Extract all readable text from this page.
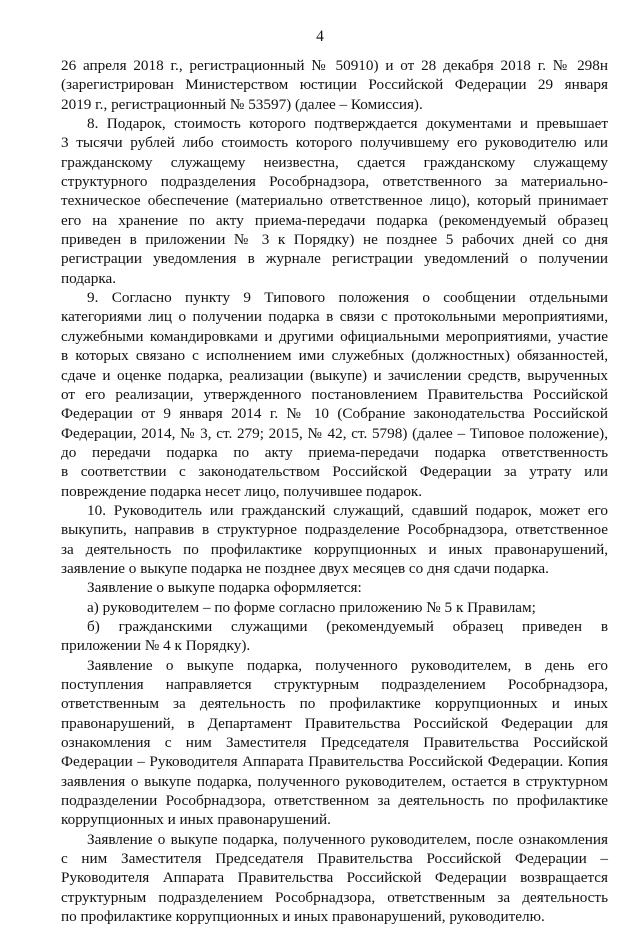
4
26 апреля 2018 г., регистрационный № 50910) и от 28 декабря 2018 г. № 298н
(зарегистрирован Министерством юстиции Российской Федерации 29 января
2019 г., регистрационный № 53597) (далее – Комиссия).
8. Подарок, стоимость которого подтверждается документами и превышает
3 тысячи рублей либо стоимость которого получившему его руководителю или
гражданскому служащему неизвестна, сдается гражданскому служащему
структурного подразделения Рособрнадзора, ответственного за материально-
техническое обеспечение (материально ответственное лицо), который принимает
его на хранение по акту приема-передачи подарка (рекомендуемый образец
приведен в приложении № 3 к Порядку) не позднее 5 рабочих дней со дня
регистрации уведомления в журнале регистрации уведомлений о получении
подарка.
9. Согласно пункту 9 Типового положения о сообщении отдельными
категориями лиц о получении подарка в связи с протокольными мероприятиями,
служебными командировками и другими официальными мероприятиями, участие
в которых связано с исполнением ими служебных (должностных) обязанностей,
сдаче и оценке подарка, реализации (выкупе) и зачислении средств, вырученных
от его реализации, утвержденного постановлением Правительства Российской
Федерации от 9 января 2014 г. № 10 (Собрание законодательства Российской
Федерации, 2014, № 3, ст. 279; 2015, № 42, ст. 5798) (далее – Типовое положение),
до передачи подарка по акту приема-передачи подарка ответственность
в соответствии с законодательством Российской Федерации за утрату или
повреждение подарка несет лицо, получившее подарок.
10. Руководитель или гражданский служащий, сдавший подарок, может его
выкупить, направив в структурное подразделение Рособрнадзора, ответственное
за деятельность по профилактике коррупционных и иных правонарушений,
заявление о выкупе подарка не позднее двух месяцев со дня сдачи подарка.
Заявление о выкупе подарка оформляется:
а) руководителем – по форме согласно приложению № 5 к Правилам;
б) гражданскими служащими (рекомендуемый образец приведен в
приложении № 4 к Порядку).
Заявление о выкупе подарка, полученного руководителем, в день его
поступления направляется структурным подразделением Рособрнадзора,
ответственным за деятельность по профилактике коррупционных и иных
правонарушений, в Департамент Правительства Российской Федерации для
ознакомления с ним Заместителя Председателя Правительства Российской
Федерации – Руководителя Аппарата Правительства Российской Федерации. Копия
заявления о выкупе подарка, полученного руководителем, остается в структурном
подразделении Рособрнадзора, ответственном за деятельность по профилактике
коррупционных и иных правонарушений.
Заявление о выкупе подарка, полученного руководителем, после ознакомления
с ним Заместителя Председателя Правительства Российской Федерации –
Руководителя Аппарата Правительства Российской Федерации возвращается
структурным подразделением Рособрнадзора, ответственным за деятельность
по профилактике коррупционных и иных правонарушений, руководителю.
